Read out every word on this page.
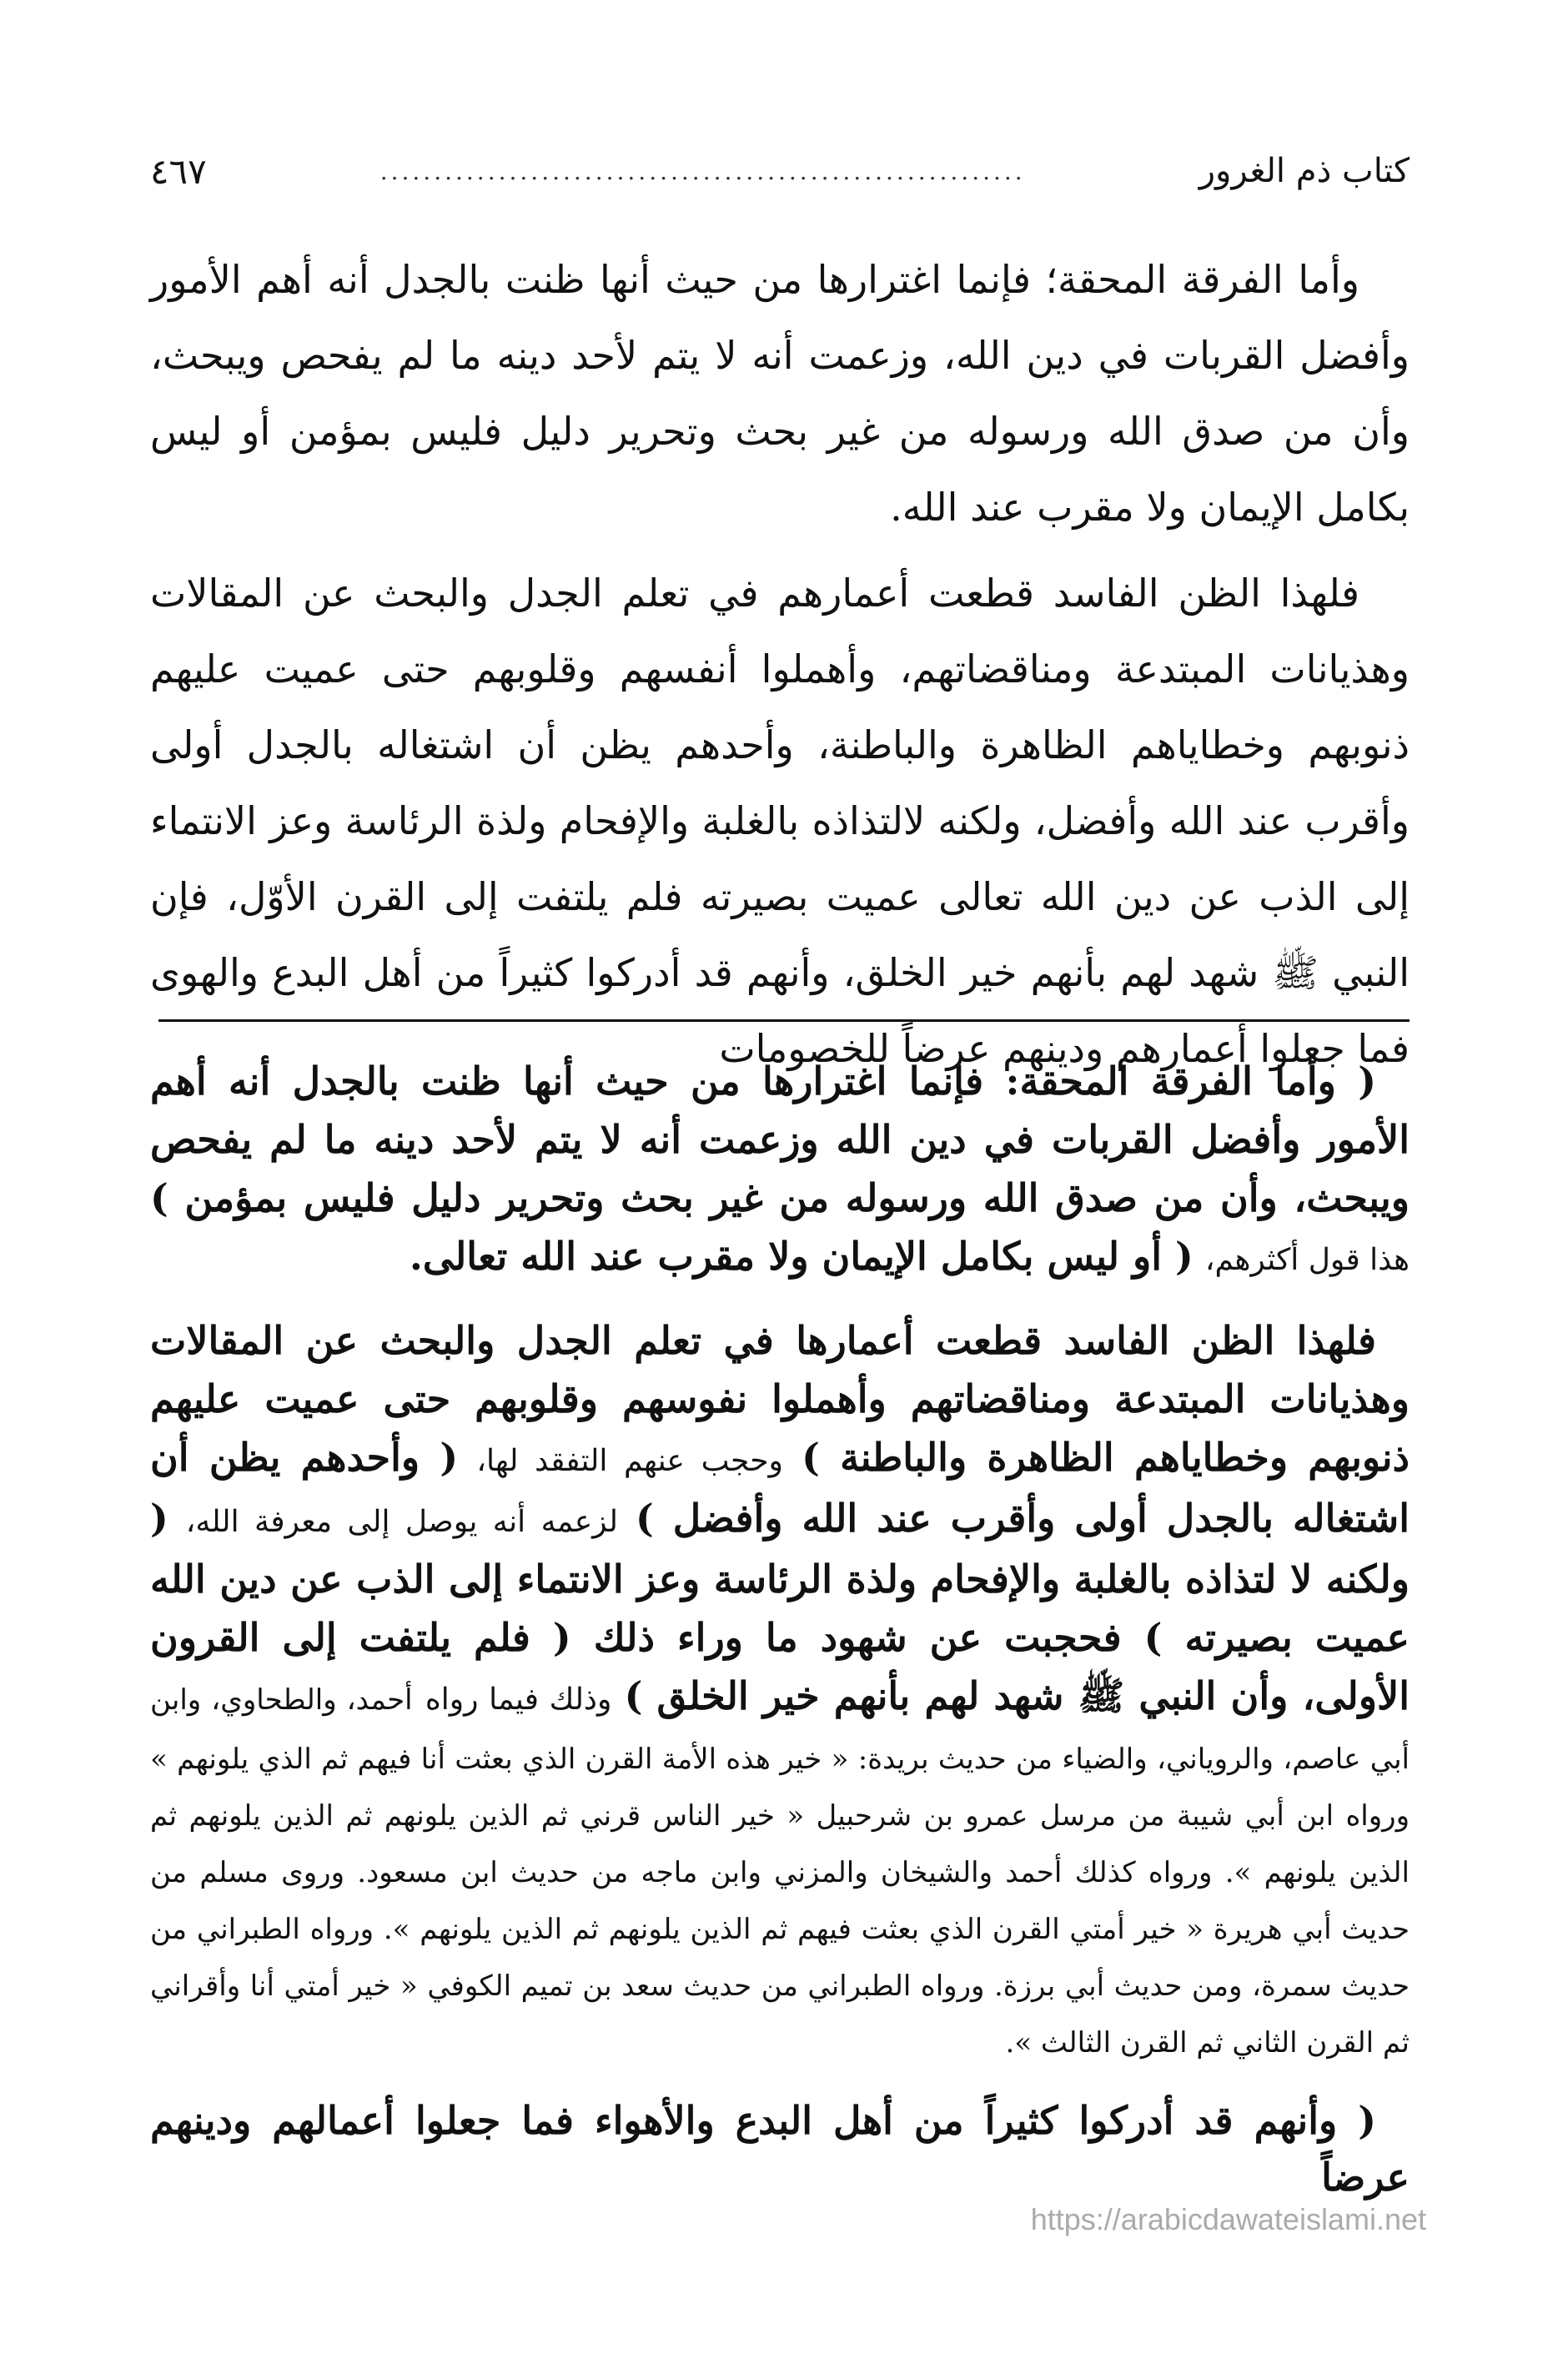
كتاب ذم الغرور
............................................................
٤٦٧

وأما الفرقة المحقة؛ فإنما اغترارها من حيث أنها ظنت بالجدل أنه أهم الأمور وأفضل القربات في دين الله، وزعمت أنه لا يتم لأحد دينه ما لم يفحص ويبحث، وأن من صدق الله ورسوله من غير بحث وتحرير دليل فليس بمؤمن أو ليس بكامل الإيمان ولا مقرب عند الله.

فلهذا الظن الفاسد قطعت أعمارهم في تعلم الجدل والبحث عن المقالات وهذيانات المبتدعة ومناقضاتهم، وأهملوا أنفسهم وقلوبهم حتى عميت عليهم ذنوبهم وخطاياهم الظاهرة والباطنة، وأحدهم يظن أن اشتغاله بالجدل أولى وأقرب عند الله وأفضل، ولكنه لالتذاذه بالغلبة والإفحام ولذة الرئاسة وعز الانتماء إلى الذب عن دين الله تعالى عميت بصيرته فلم يلتفت إلى القرن الأوّل، فإن النبي ﷺ شهد لهم بأنهم خير الخلق، وأنهم قد أدركوا كثيراً من أهل البدع والهوى فما جعلوا أعمارهم ودينهم عرضاً للخصومات

( وأما الفرقة المحقة: فإنما اغترارها من حيث أنها ظنت بالجدل أنه أهم الأمور وأفضل القربات في دين الله وزعمت أنه لا يتم لأحد دينه ما لم يفحص ويبحث، وأن من صدق الله ورسوله من غير بحث وتحرير دليل فليس بمؤمن ) هذا قول أكثرهم، ( أو ليس بكامل الإيمان ولا مقرب عند الله تعالى.

فلهذا الظن الفاسد قطعت أعمارها في تعلم الجدل والبحث عن المقالات وهذيانات المبتدعة ومناقضاتهم وأهملوا نفوسهم وقلوبهم حتى عميت عليهم ذنوبهم وخطاياهم الظاهرة والباطنة ) وحجب عنهم التفقد لها، ( وأحدهم يظن أن اشتغاله بالجدل أولى وأقرب عند الله وأفضل ) لزعمه أنه يوصل إلى معرفة الله، ( ولكنه لا لتذاذه بالغلبة والإفحام ولذة الرئاسة وعز الانتماء إلى الذب عن دين الله عميت بصيرته ) فحجبت عن شهود ما وراء ذلك ( فلم يلتفت إلى القرون الأولى، وأن النبي ﷺ شهد لهم بأنهم خير الخلق ) وذلك فيما رواه أحمد، والطحاوي، وابن أبي عاصم، والروياني، والضياء من حديث بريدة: « خير هذه الأمة القرن الذي بعثت أنا فيهم ثم الذي يلونهم » ورواه ابن أبي شيبة من مرسل عمرو بن شرحبيل « خير الناس قرني ثم الذين يلونهم ثم الذين يلونهم ثم الذين يلونهم ». ورواه كذلك أحمد والشيخان والمزني وابن ماجه من حديث ابن مسعود. وروى مسلم من حديث أبي هريرة « خير أمتي القرن الذي بعثت فيهم ثم الذين يلونهم ثم الذين يلونهم ». ورواه الطبراني من حديث سمرة، ومن حديث أبي برزة. ورواه الطبراني من حديث سعد بن تميم الكوفي « خير أمتي أنا وأقراني ثم القرن الثاني ثم القرن الثالث ».

( وأنهم قد أدركوا كثيراً من أهل البدع والأهواء فما جعلوا أعمالهم ودينهم عرضاً

https://arabicdawateislami.net
